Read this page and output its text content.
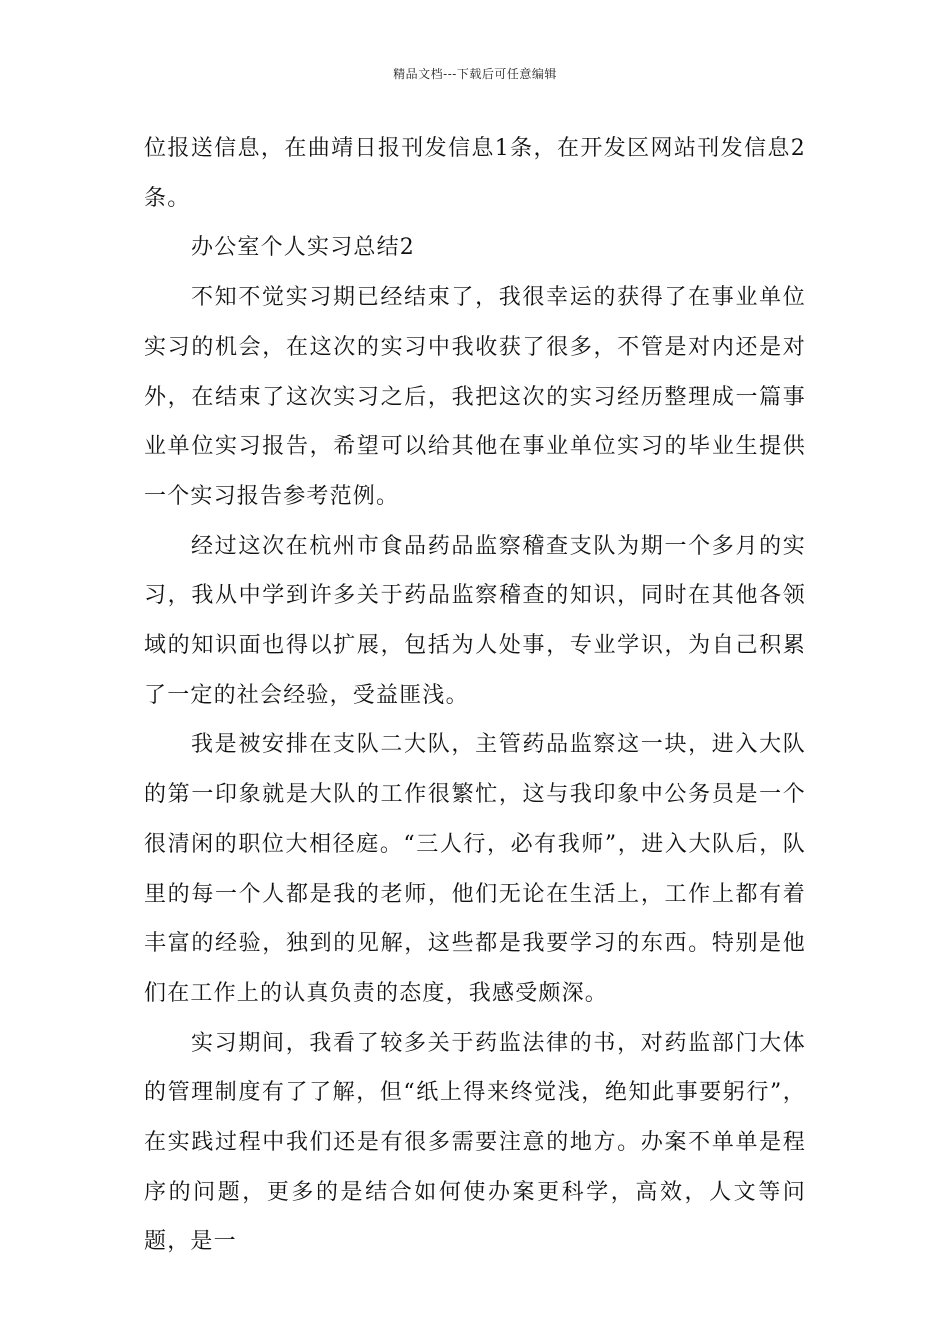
精品文档---下载后可任意编辑

位报送信息，在曲靖日报刊发信息1条，在开发区网站刊发信息2条。

办公室个人实习总结2

不知不觉实习期已经结束了，我很幸运的获得了在事业单位实习的机会，在这次的实习中我收获了很多，不管是对内还是对外，在结束了这次实习之后，我把这次的实习经历整理成一篇事业单位实习报告，希望可以给其他在事业单位实习的毕业生提供一个实习报告参考范例。

经过这次在杭州市食品药品监察稽查支队为期一个多月的实习，我从中学到许多关于药品监察稽查的知识，同时在其他各领域的知识面也得以扩展，包括为人处事，专业学识，为自己积累了一定的社会经验，受益匪浅。

我是被安排在支队二大队，主管药品监察这一块，进入大队的第一印象就是大队的工作很繁忙，这与我印象中公务员是一个很清闲的职位大相径庭。“三人行，必有我师”，进入大队后，队里的每一个人都是我的老师，他们无论在生活上，工作上都有着丰富的经验，独到的见解，这些都是我要学习的东西。特别是他们在工作上的认真负责的态度，我感受颇深。

实习期间，我看了较多关于药监法律的书，对药监部门大体的管理制度有了了解，但“纸上得来终觉浅，绝知此事要躬行”，在实践过程中我们还是有很多需要注意的地方。办案不单单是程序的问题，更多的是结合如何使办案更科学，高效，人文等问题，是一
